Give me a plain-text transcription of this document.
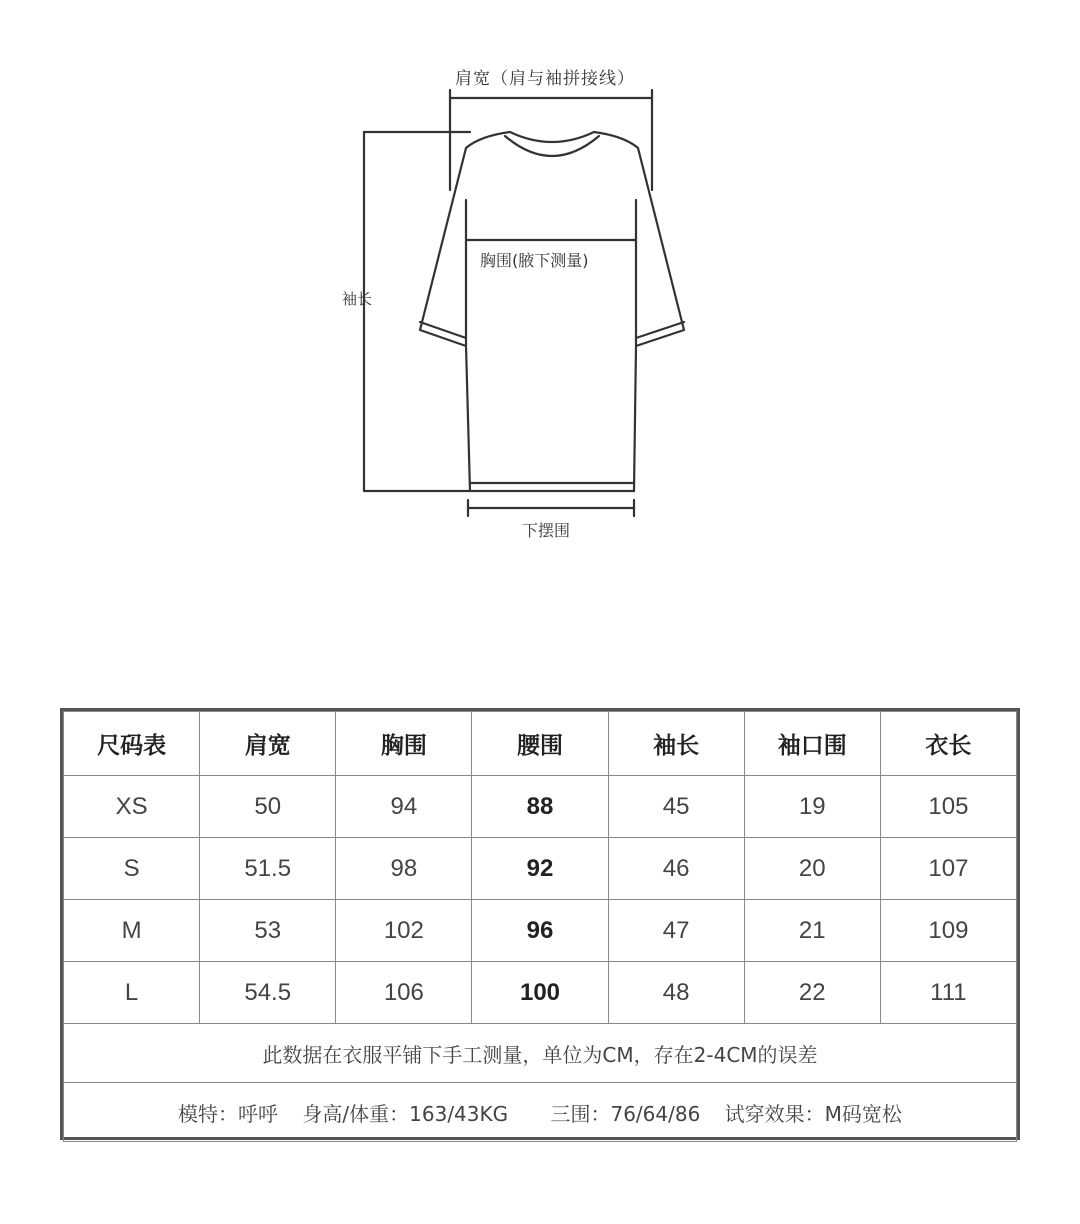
肩宽（肩与袖拼接线）
胸围(腋下测量)
袖长
下摆围
尺码表	肩宽	胸围	腰围	袖长	袖口围	衣长
XS	50	94	88	45	19	105
S	51.5	98	92	46	20	107
M	53	102	96	47	21	109
L	54.5	106	100	48	22	111
此数据在衣服平铺下手工测量，单位为CM，存在2-4CM的误差						
模特：呼呼 身高/体重：163/43KG 三围：76/64/86 试穿效果：M码宽松						
